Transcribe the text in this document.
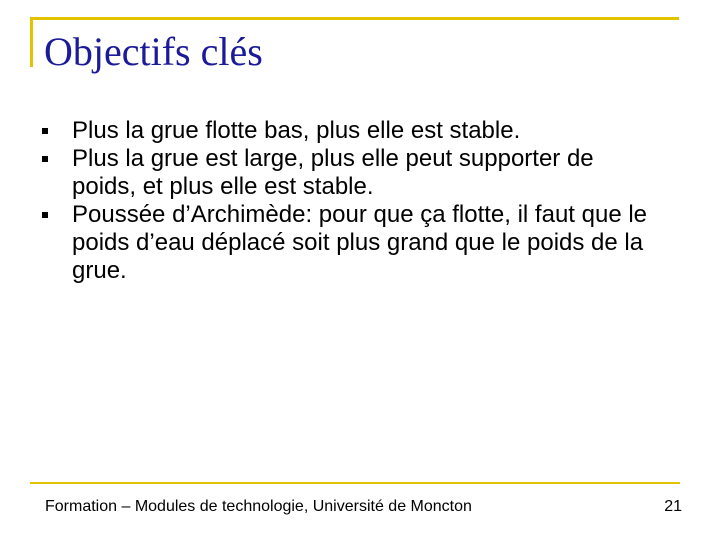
Objectifs clés
Plus la grue flotte bas, plus elle est stable.
Plus la grue est large, plus elle peut supporter de poids, et plus elle est stable.
Poussée d’Archimède: pour que ça flotte, il faut que le poids d’eau déplacé soit plus grand que le poids de la grue.
Formation – Modules de technologie, Université de Moncton	21
